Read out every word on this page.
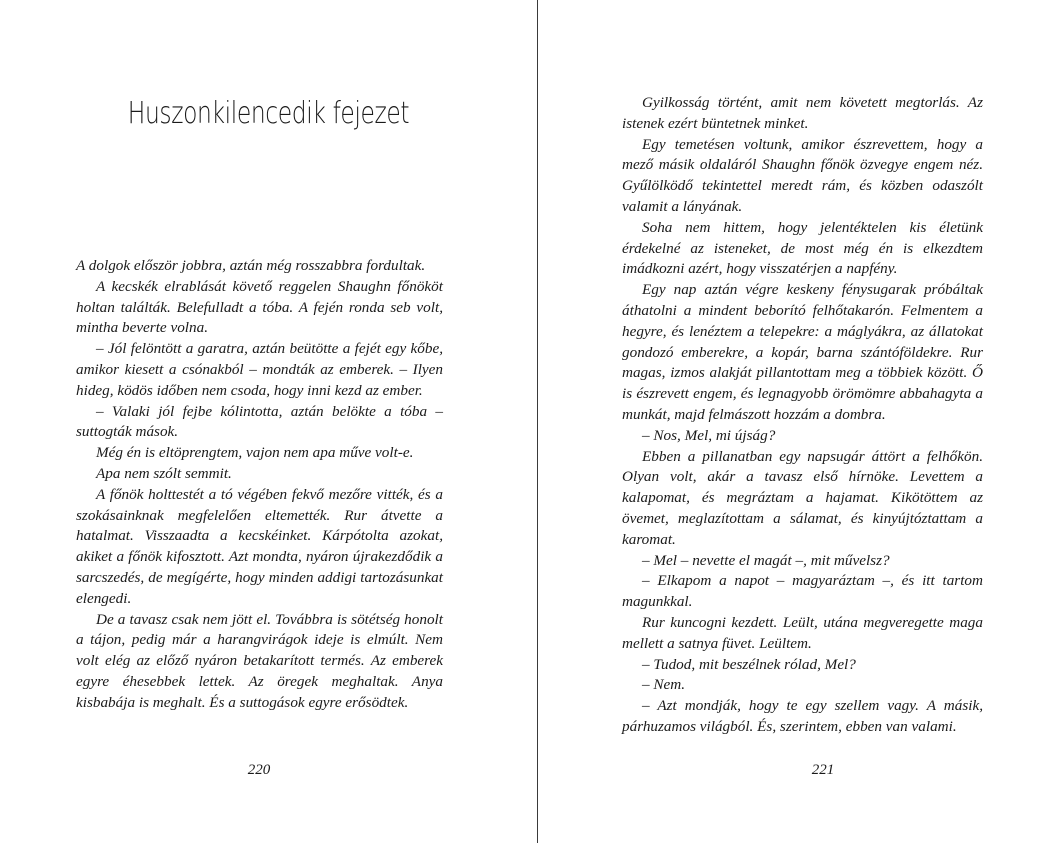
Huszonkilencedik fejezet

A dolgok először jobbra, aztán még rosszabbra fordultak.

A kecskék elrablását követő reggelen Shaughn főnököt holtan találták. Belefulladt a tóba. A fején ronda seb volt, mintha beverte volna.

– Jól felöntött a garatra, aztán beütötte a fejét egy kőbe, amikor kiesett a csónakból – mondták az emberek. – Ilyen hideg, ködös időben nem csoda, hogy inni kezd az ember.

– Valaki jól fejbe kólintotta, aztán belökte a tóba – suttogták mások.

Még én is eltöprengtem, vajon nem apa műve volt-e.

Apa nem szólt semmit.

A főnök holttestét a tó végében fekvő mezőre vitték, és a szokásainknak megfelelően eltemették. Rur átvette a hatalmat. Visszaadta a kecskéinket. Kárpótolta azokat, akiket a főnök kifosztott. Azt mondta, nyáron újrakezdődik a sarcszedés, de megígérte, hogy minden addigi tartozásunkat elengedi.

De a tavasz csak nem jött el. Továbbra is sötétség honolt a tájon, pedig már a harangvirágok ideje is elmúlt. Nem volt elég az előző nyáron betakarított termés. Az emberek egyre éhesebbek lettek. Az öregek meghaltak. Anya kisbabája is meghalt. És a suttogások egyre erősödtek.

220

Gyilkosság történt, amit nem követett megtorlás. Az istenek ezért büntetnek minket.

Egy temetésen voltunk, amikor észrevettem, hogy a mező másik oldaláról Shaughn főnök özvegye engem néz. Gyűlölködő tekintettel meredt rám, és közben odaszólt valamit a lányának.

Soha nem hittem, hogy jelentéktelen kis életünk érdekelné az isteneket, de most még én is elkezdtem imádkozni azért, hogy visszatérjen a napfény.

Egy nap aztán végre keskeny fénysugarak próbáltak áthatolni a mindent beborító felhőtakarón. Felmentem a hegyre, és lenéztem a telepekre: a máglyákra, az állatokat gondozó emberekre, a kopár, barna szántóföldekre. Rur magas, izmos alakját pillantottam meg a többiek között. Ő is észrevett engem, és legnagyobb örömömre abbahagyta a munkát, majd felmászott hozzám a dombra.

– Nos, Mel, mi újság?

Ebben a pillanatban egy napsugár áttört a felhőkön. Olyan volt, akár a tavasz első hírnöke. Levettem a kalapomat, és megráztam a hajamat. Kikötöttem az övemet, meglazítottam a sálamat, és kinyújtóztattam a karomat.

– Mel – nevette el magát –, mit művelsz?

– Elkapom a napot – magyaráztam –, és itt tartom magunkkal.

Rur kuncogni kezdett. Leült, utána megveregette maga mellett a satnya füvet. Leültem.

– Tudod, mit beszélnek rólad, Mel?

– Nem.

– Azt mondják, hogy te egy szellem vagy. A másik, párhuzamos világból. És, szerintem, ebben van valami.

221
